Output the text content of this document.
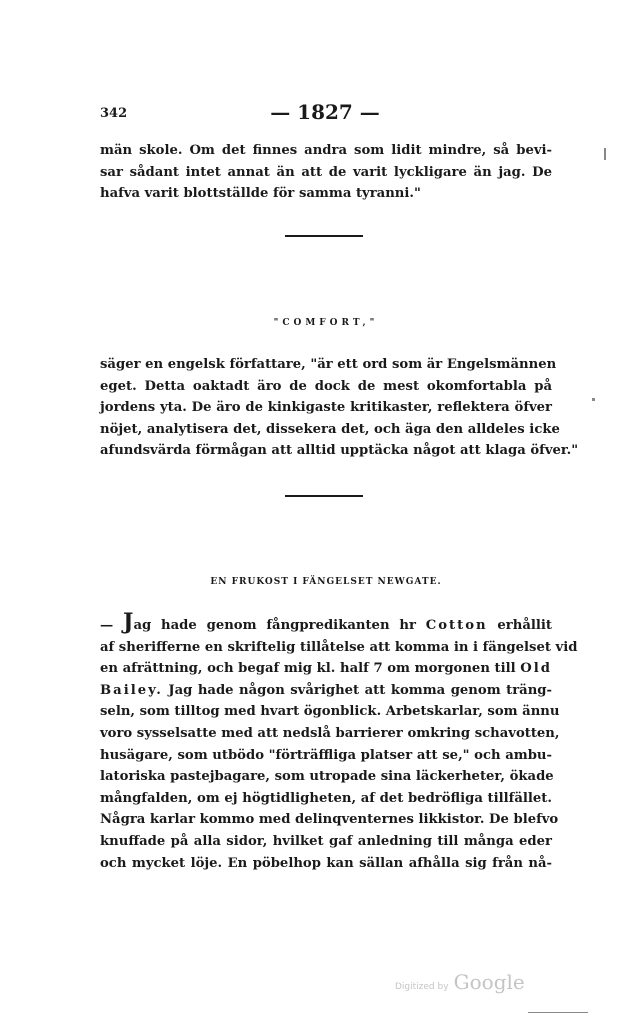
342	— 1827 —
män skole. Om det finnes andra som lidit mindre, så bevi-
sar sådant intet annat än att de varit lyckligare än jag. De
hafva varit blottställde för samma tyranni."
"COMFORT,"
säger en engelsk författare, "är ett ord som är Engelsmännen
eget. Detta oaktadt äro de dock de mest okomfortabla på
jordens yta. De äro de kinkigaste kritikaster, reflektera öfver
nöjet, analytisera det, dissekera det, och äga den alldeles icke
afundsvärda förmågan att alltid upptäcka något att klaga öfver."
EN FRUKOST I FÄNGELSET NEWGATE.
— Jag hade genom fångpredikanten hr Cotton erhållit
af sherifferne en skriftelig tillåtelse att komma in i fängelset vid
en afrättning, och begaf mig kl. half 7 om morgonen till Old
Bailey. Jag hade någon svårighet att komma genom träng-
seln, som tilltog med hvart ögonblick. Arbetskarlar, som ännu
voro sysselsatte med att nedslå barrierer omkring schavotten,
husägare, som utbödo "förträffliga platser att se," och ambu-
latoriska pastejbagare, som utropade sina läckerheter, ökade
mångfalden, om ej högtidligheten, af det bedröfliga tillfället.
Några karlar kommo med delinqventernes likkistor. De blefvo
knuffade på alla sidor, hvilket gaf anledning till många eder
och mycket löje. En pöbelhop kan sällan afhålla sig från nå-
Digitized by Google
